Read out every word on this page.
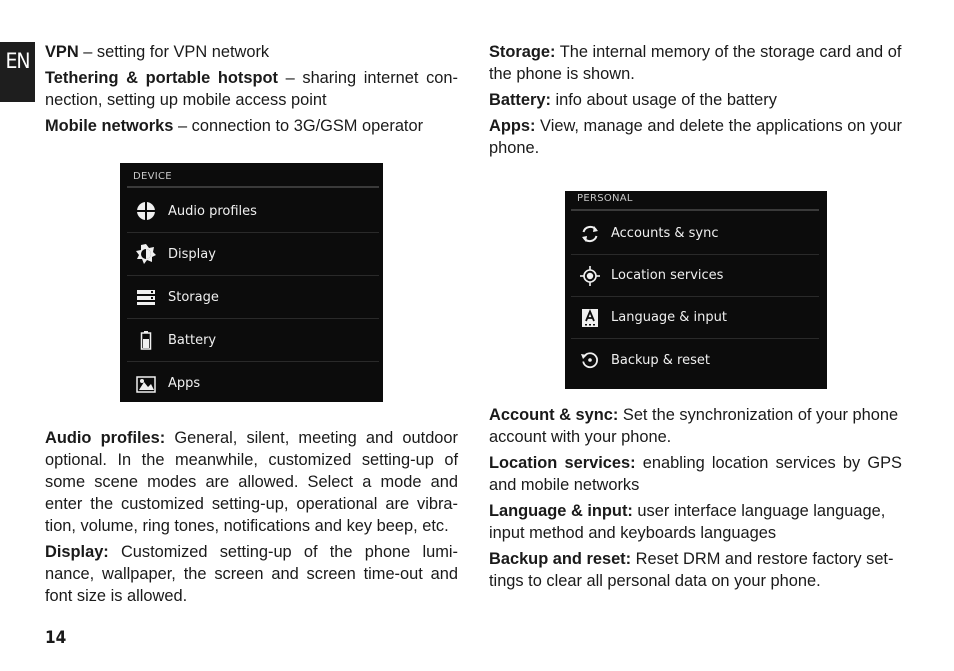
EN VPN – setting for VPN network

Tethering & portable hotspot – sharing internet con-nection, setting up mobile access point

Mobile networks – connection to 3G/GSM operator

Audio profiles: General, silent, meeting and outdoor optional. In the meanwhile, customized setting-up of some scene modes are allowed. Select a mode and enter the customized setting-up, operational are vibra-tion, volume, ring tones, notifications and key beep, etc.

Display: Customized setting-up of the phone lumi-nance, wallpaper, the screen and screen time-out and font size is allowed.

DEVICE
Audio profiles
Display
Storage
Battery
Apps

Storage: The internal memory of the storage card and of the phone is shown.

Battery: info about usage of the battery

Apps: View, manage and delete the applications on your phone.

PERSONAL
Accounts & sync
Location services
Language & input
Backup & reset

Account & sync: Set the synchronization of your phone account with your phone.

Location services: enabling location services by GPS and mobile networks

Language & input: user interface language language, input method and keyboards languages

Backup and reset: Reset DRM and restore factory set-tings to clear all personal data on your phone.

14
